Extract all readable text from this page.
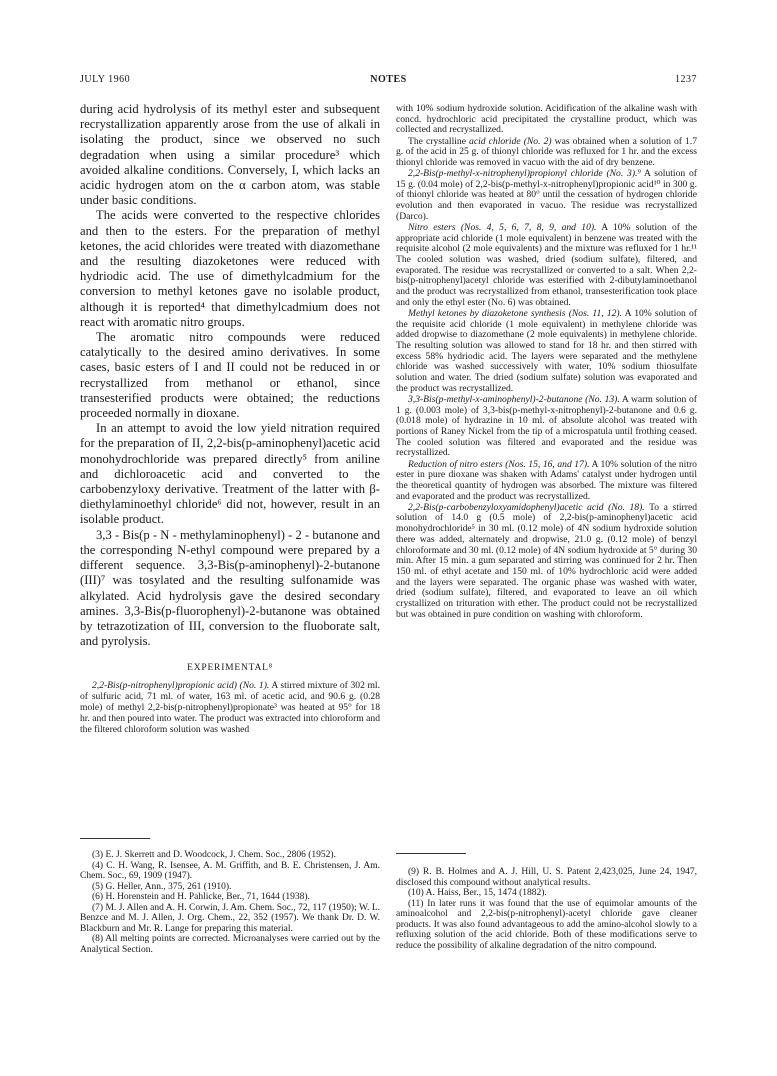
JULY 1960	NOTES	1237

during acid hydrolysis of its methyl ester and subsequent recrystallization apparently arose from the use of alkali in isolating the product, since we observed no such degradation when using a similar procedure³ which avoided alkaline conditions. Conversely, I, which lacks an acidic hydrogen atom on the α carbon atom, was stable under basic conditions.

The acids were converted to the respective chlorides and then to the esters. For the preparation of methyl ketones, the acid chlorides were treated with diazomethane and the resulting diazoketones were reduced with hydriodic acid. The use of dimethylcadmium for the conversion to methyl ketones gave no isolable product, although it is reported⁴ that dimethylcadmium does not react with aromatic nitro groups.

The aromatic nitro compounds were reduced catalytically to the desired amino derivatives. In some cases, basic esters of I and II could not be reduced in or recrystallized from methanol or ethanol, since transesterified products were obtained; the reductions proceeded normally in dioxane.

In an attempt to avoid the low yield nitration required for the preparation of II, 2,2-bis(p-aminophenyl)acetic acid monohydrochloride was prepared directly⁵ from aniline and dichloroacetic acid and converted to the carbobenzyloxy derivative. Treatment of the latter with β-diethylaminoethyl chloride⁶ did not, however, result in an isolable product.

3,3 - Bis(p - N - methylaminophenyl) - 2 - butanone and the corresponding N-ethyl compound were prepared by a different sequence. 3,3-Bis(p-aminophenyl)-2-butanone (III)⁷ was tosylated and the resulting sulfonamide was alkylated. Acid hydrolysis gave the desired secondary amines. 3,3-Bis(p-fluorophenyl)-2-butanone was obtained by tetrazotization of III, conversion to the fluoborate salt, and pyrolysis.

EXPERIMENTAL⁸

2,2-Bis(p-nitrophenyl)propionic acid) (No. 1). A stirred mixture of 302 ml. of sulfuric acid, 71 ml. of water, 163 ml. of acetic acid, and 90.6 g. (0.28 mole) of methyl 2,2-bis(p-nitrophenyl)propionate³ was heated at 95° for 18 hr. and then poured into water. The product was extracted into chloroform and the filtered chloroform solution was washed

with 10% sodium hydroxide solution. Acidification of the alkaline wash with concd. hydrochloric acid precipitated the crystalline product, which was collected and recrystallized.

The crystalline acid chloride (No. 2) was obtained when a solution of 1.7 g. of the acid in 25 g. of thionyl chloride was refluxed for 1 hr. and the excess thionyl chloride was removed in vacuo with the aid of dry benzene.

2,2-Bis(p-methyl-x-nitrophenyl)propionyl chloride (No. 3).⁹ A solution of 15 g. (0.04 mole) of 2,2-bis(p-methyl-x-nitrophenyl)propionic acid¹⁰ in 300 g. of thionyl chloride was heated at 80° until the cessation of hydrogen chloride evolution and then evaporated in vacuo. The residue was recrystallized (Darco).

Nitro esters (Nos. 4, 5, 6, 7, 8, 9, and 10). A 10% solution of the appropriate acid chloride (1 mole equivalent) in benzene was treated with the requisite alcohol (2 mole equivalents) and the mixture was refluxed for 1 hr.¹¹ The cooled solution was washed, dried (sodium sulfate), filtered, and evaporated. The residue was recrystallized or converted to a salt. When 2,2-bis(p-nitrophenyl)acetyl chloride was esterified with 2-dibutylaminoethanol and the product was recrystallized from ethanol, transesterification took place and only the ethyl ester (No. 6) was obtained.

Methyl ketones by diazoketone synthesis (Nos. 11, 12). A 10% solution of the requisite acid chloride (1 mole equivalent) in methylene chloride was added dropwise to diazomethane (2 mole equivalents) in methylene chloride. The resulting solution was allowed to stand for 18 hr. and then stirred with excess 58% hydriodic acid. The layers were separated and the methylene chloride was washed successively with water, 10% sodium thiosulfate solution and water. The dried (sodium sulfate) solution was evaporated and the product was recrystallized.

3,3-Bis(p-methyl-x-aminophenyl)-2-butanone (No. 13). A warm solution of 1 g. (0.003 mole) of 3,3-bis(p-methyl-x-nitrophenyl)-2-butanone and 0.6 g. (0.018 mole) of hydrazine in 10 ml. of absolute alcohol was treated with portions of Raney Nickel from the tip of a microspatula until frothing ceased. The cooled solution was filtered and evaporated and the residue was recrystallized.

Reduction of nitro esters (Nos. 15, 16, and 17). A 10% solution of the nitro ester in pure dioxane was shaken with Adams' catalyst under hydrogen until the theoretical quantity of hydrogen was absorbed. The mixture was filtered and evaporated and the product was recrystallized.

2,2-Bis(p-carbobenzyloxyamidophenyl)acetic acid (No. 18). To a stirred solution of 14.0 g (0.5 mole) of 2,2-bis(p-aminophenyl)acetic acid monohydrochloride⁵ in 30 ml. (0.12 mole) of 4N sodium hydroxide solution there was added, alternately and dropwise, 21.0 g. (0.12 mole) of benzyl chloroformate and 30 ml. (0.12 mole) of 4N sodium hydroxide at 5° during 30 min. After 15 min. a gum separated and stirring was continued for 2 hr. Then 150 ml. of ethyl acetate and 150 ml. of 10% hydrochloric acid were added and the layers were separated. The organic phase was washed with water, dried (sodium sulfate), filtered, and evaporated to leave an oil which crystallized on trituration with ether. The product could not be recrystallized but was obtained in pure condition on washing with chloroform.

(3) E. J. Skerrett and D. Woodcock, J. Chem. Soc., 2806 (1952).

(4) C. H. Wang, R. Isensee, A. M. Griffith, and B. E. Christensen, J. Am. Chem. Soc., 69, 1909 (1947).

(5) G. Heller, Ann., 375, 261 (1910).

(6) H. Horenstein and H. Pahlicke, Ber., 71, 1644 (1938).

(7) M. J. Allen and A. H. Corwin, J. Am. Chem. Soc., 72, 117 (1950); W. L. Benzce and M. J. Allen, J. Org. Chem., 22, 352 (1957). We thank Dr. D. W. Blackburn and Mr. R. Lange for preparing this material.

(8) All melting points are corrected. Microanalyses were carried out by the Analytical Section.

(9) R. B. Holmes and A. J. Hill, U. S. Patent 2,423,025, June 24, 1947, disclosed this compound without analytical results.

(10) A. Haiss, Ber., 15, 1474 (1882).

(11) In later runs it was found that the use of equimolar amounts of the aminoalcohol and 2,2-bis(p-nitrophenyl)-acetyl chloride gave cleaner products. It was also found advantageous to add the amino-alcohol slowly to a refluxing solution of the acid chloride. Both of these modifications serve to reduce the possibility of alkaline degradation of the nitro compound.
